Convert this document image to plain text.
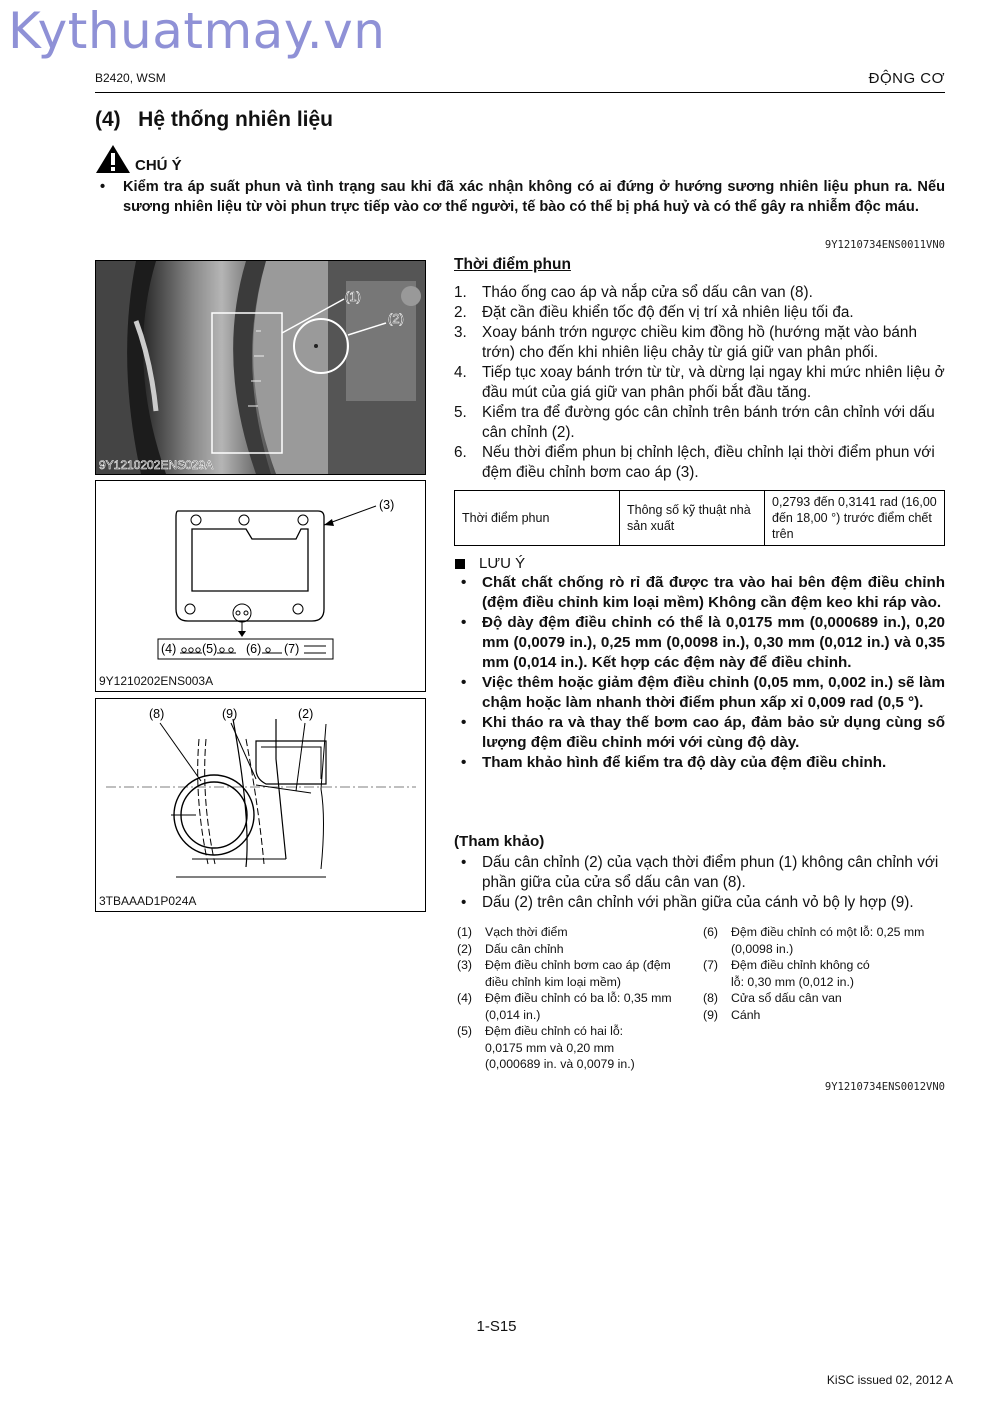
Kythuatmay.vn
B2420, WSM	ĐỘNG CƠ
(4)   Hệ thống nhiên liệu
CHÚ Ý
• Kiểm tra áp suất phun và tình trạng sau khi đã xác nhận không có ai đứng ở hướng sương nhiên liệu phun ra. Nếu sương nhiên liệu từ vòi phun trực tiếp vào cơ thể người, tế bào có thể bị phá huỷ và có thể gây ra nhiễm độc máu.
9Y1210734ENS0011VN0
(1)
(2)
9Y1210202ENS029A
(3)
(4) (5) (6) (7)
9Y1210202ENS003A
(8)	(9)	(2)
3TBAAAD1P024A
Thời điểm phun
1. Tháo ống cao áp và nắp cửa sổ dấu cân van (8).
2. Đặt cần điều khiển tốc độ đến vị trí xả nhiên liệu tối đa.
3. Xoay bánh trớn ngược chiều kim đồng hồ (hướng mặt vào bánh trớn) cho đến khi nhiên liệu chảy từ giá giữ van phân phối.
4. Tiếp tục xoay bánh trớn từ từ, và dừng lại ngay khi mức nhiên liệu ở đầu mút của giá giữ van phân phối bắt đầu tăng.
5. Kiểm tra để đường góc cân chỉnh trên bánh trớn cân chỉnh với dấu cân chỉnh (2).
6. Nếu thời điểm phun bị chỉnh lệch, điều chỉnh lại thời điểm phun với đệm điều chỉnh bơm cao áp (3).
Thời điểm phun	Thông số kỹ thuật nhà sản xuất	0,2793 đến 0,3141 rad (16,00 đến 18,00 °) trước điểm chết trên
LƯU Ý
• Chất chất chống rò rỉ đã được tra vào hai bên đệm điều chỉnh (đệm điều chỉnh kim loại mềm) Không cần đệm keo khi ráp vào.
• Độ dày đệm điều chỉnh có thể là 0,0175 mm (0,000689 in.), 0,20 mm (0,0079 in.), 0,25 mm (0,0098 in.), 0,30 mm (0,012 in.) và 0,35 mm (0,014 in.). Kết hợp các đệm này để điều chỉnh.
• Việc thêm hoặc giảm đệm điều chỉnh (0,05 mm, 0,002 in.) sẽ làm chậm hoặc làm nhanh thời điểm phun xấp xỉ 0,009 rad (0,5 °).
• Khi tháo ra và thay thế bơm cao áp, đảm bảo sử dụng cùng số lượng đệm điều chỉnh mới với cùng độ dày.
• Tham khảo hình để kiểm tra độ dày của đệm điều chỉnh.
(Tham khảo)
• Dấu cân chỉnh (2) của vạch thời điểm phun (1) không cân chỉnh với phần giữa của cửa sổ dấu cân van (8).
• Dấu (2) trên cân chỉnh với phần giữa của cánh vỏ bộ ly hợp (9).
(1) Vạch thời điểm
(2) Dấu cân chỉnh
(3) Đệm điều chỉnh bơm cao áp (đệm điều chỉnh kim loại mềm)
(4) Đệm điều chỉnh có ba lỗ: 0,35 mm (0,014 in.)
(5) Đệm điều chỉnh có hai lỗ: 0,0175 mm và 0,20 mm (0,000689 in. và 0,0079 in.)
(6) Đệm điều chỉnh có một lỗ: 0,25 mm (0,0098 in.)
(7) Đệm điều chỉnh không có lỗ: 0,30 mm (0,012 in.)
(8) Cửa sổ dấu cân van
(9) Cánh
9Y1210734ENS0012VN0
1-S15
KiSC issued 02, 2012 A
